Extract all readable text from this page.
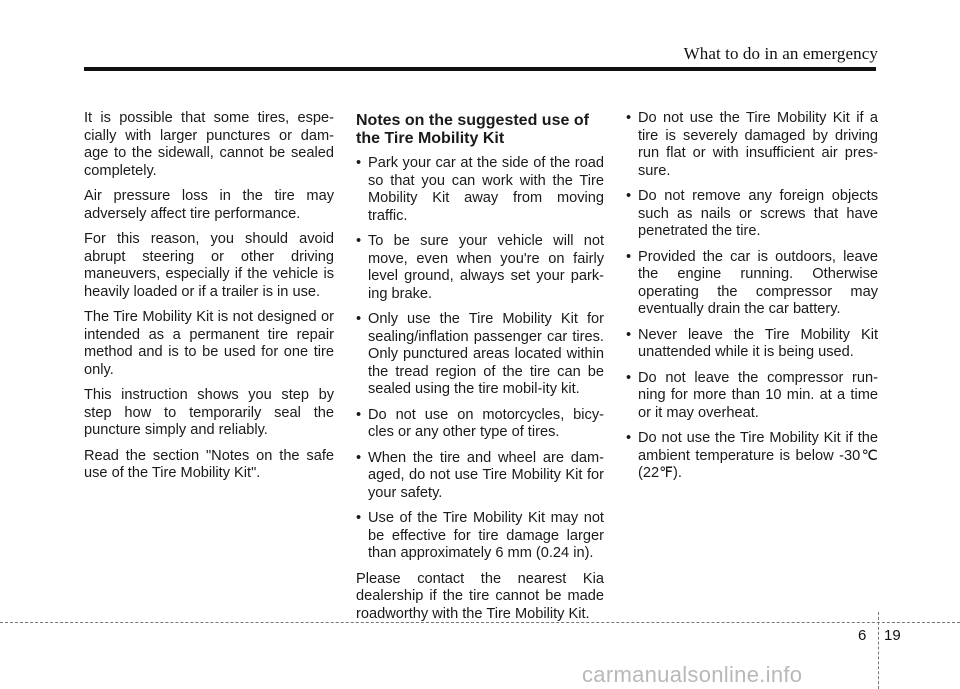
What to do in an emergency

It is possible that some tires, espe-cially with larger punctures or dam-age to the sidewall, cannot be sealed completely.

Air pressure loss in the tire may adversely affect tire performance.

For this reason, you should avoid abrupt steering or other driving maneuvers, especially if the vehicle is heavily loaded or if a trailer is in use.

The Tire Mobility Kit is not designed or intended as a permanent tire repair method and is to be used for one tire only.

This instruction shows you step by step how to temporarily seal the puncture simply and reliably.

Read the section "Notes on the safe use of the Tire Mobility Kit".

Notes on the suggested use of the Tire Mobility Kit
• Park your car at the side of the road so that you can work with the Tire Mobility Kit away from moving traffic.
• To be sure your vehicle will not move, even when you're on fairly level ground, always set your park-ing brake.
• Only use the Tire Mobility Kit for sealing/inflation passenger car tires. Only punctured areas located within the tread region of the tire can be sealed using the tire mobil-ity kit.
• Do not use on motorcycles, bicy-cles or any other type of tires.
• When the tire and wheel are dam-aged, do not use Tire Mobility Kit for your safety.
• Use of the Tire Mobility Kit may not be effective for tire damage larger than approximately 6 mm (0.24 in).

Please contact the nearest Kia dealership if the tire cannot be made roadworthy with the Tire Mobility Kit.

• Do not use the Tire Mobility Kit if a tire is severely damaged by driving run flat or with insufficient air pres-sure.
• Do not remove any foreign objects such as nails or screws that have penetrated the tire.
• Provided the car is outdoors, leave the engine running. Otherwise operating the compressor may eventually drain the car battery.
• Never leave the Tire Mobility Kit unattended while it is being used.
• Do not leave the compressor run-ning for more than 10 min. at a time or it may overheat.
• Do not use the Tire Mobility Kit if the ambient temperature is below -30℃ (22℉).
6 19
carmanualsonline.info
